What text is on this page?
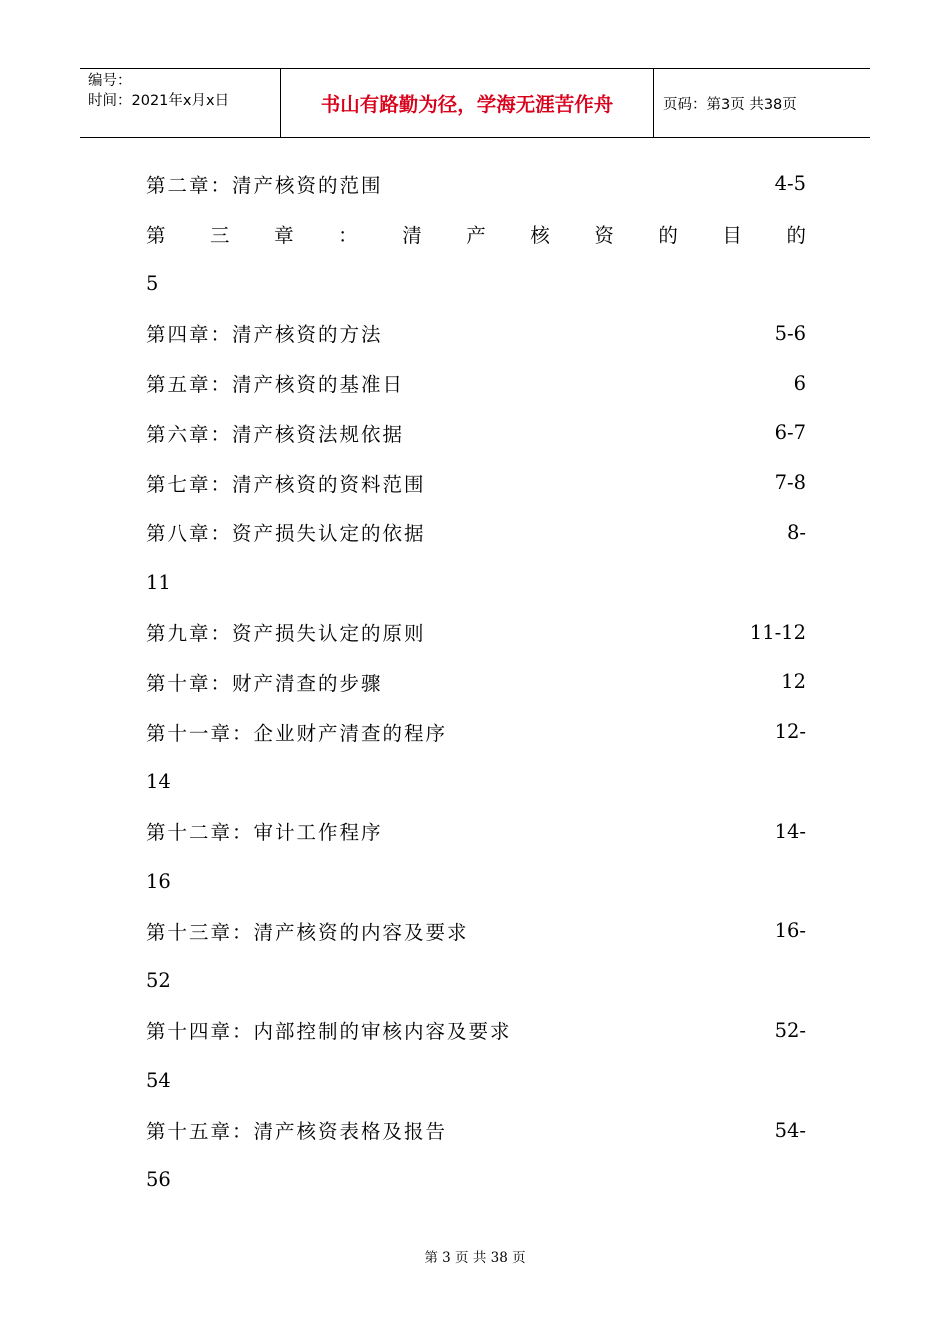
编号：
时间：2021年x月x日	书山有路勤为径，学海无涯苦作舟	页码：第3页 共38页
第二章：清产核资的范围	4-5
第 三 章 ： 清 产 核 资 的 目 的
5
第四章：清产核资的方法	5-6
第五章：清产核资的基准日	6
第六章：清产核资法规依据	6-7
第七章：清产核资的资料范围	7-8
第八章：资产损失认定的依据	8-
11
第九章：资产损失认定的原则	11-12
第十章：财产清查的步骤	12
第十一章：企业财产清查的程序	12-
14
第十二章：审计工作程序	14-
16
第十三章：清产核资的内容及要求	16-
52
第十四章：内部控制的审核内容及要求	52-
54
第十五章：清产核资表格及报告	54-
56
第 3 页 共 38 页
